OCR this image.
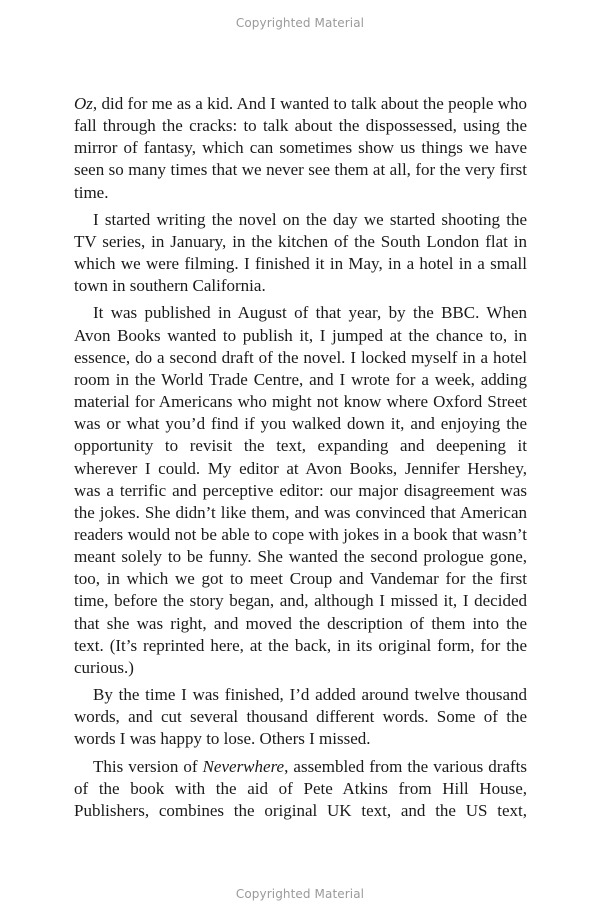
Copyrighted Material

Oz, did for me as a kid. And I wanted to talk about the people who fall through the cracks: to talk about the dispossessed, using the mirror of fantasy, which can sometimes show us things we have seen so many times that we never see them at all, for the very first time.

I started writing the novel on the day we started shooting the TV series, in January, in the kitchen of the South London flat in which we were filming. I finished it in May, in a hotel in a small town in southern California.

It was published in August of that year, by the BBC. When Avon Books wanted to publish it, I jumped at the chance to, in essence, do a second draft of the novel. I locked myself in a hotel room in the World Trade Centre, and I wrote for a week, adding material for Americans who might not know where Oxford Street was or what you’d find if you walked down it, and enjoying the opportunity to revisit the text, expanding and deepening it wherever I could. My editor at Avon Books, Jennifer Hershey, was a terrific and perceptive editor: our major disagreement was the jokes. She didn’t like them, and was convinced that American readers would not be able to cope with jokes in a book that wasn’t meant solely to be funny. She wanted the second prologue gone, too, in which we got to meet Croup and Vandemar for the first time, before the story began, and, although I missed it, I decided that she was right, and moved the description of them into the text. (It’s reprinted here, at the back, in its original form, for the curious.)

By the time I was finished, I’d added around twelve thousand words, and cut several thousand different words. Some of the words I was happy to lose. Others I missed.

This version of Neverwhere, assembled from the various drafts of the book with the aid of Pete Atkins from Hill House, Publishers, combines the original UK text, and the US text,

Copyrighted Material
